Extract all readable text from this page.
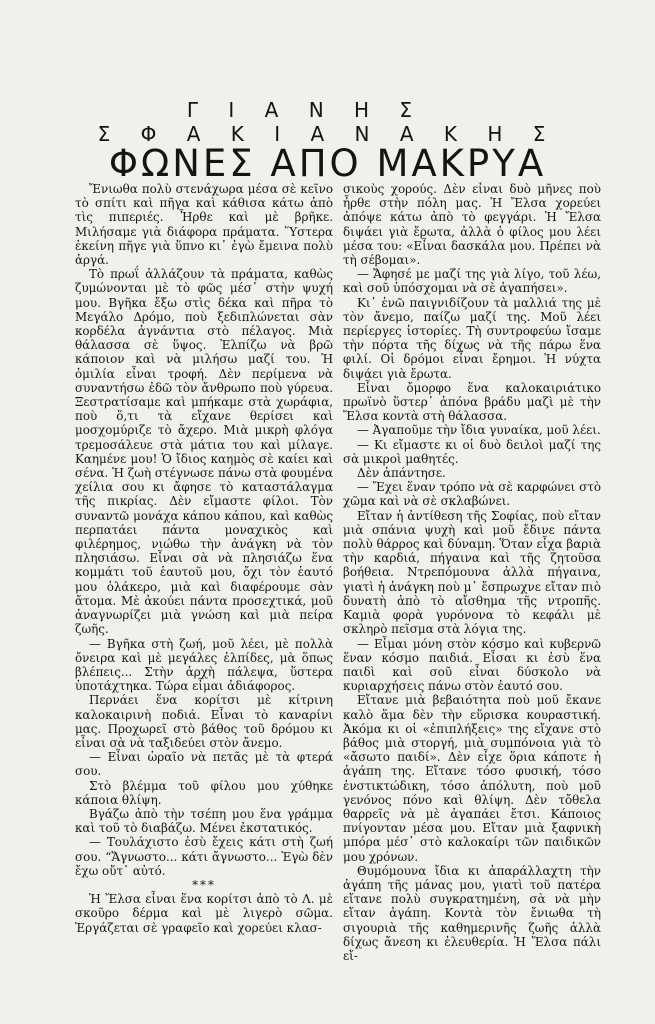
Γ Ι Α Ν Η ΣΣ Φ Α Κ Ι Α Ν Α Κ Η Σ
ΦΩΝΕΣ ΑΠΟ ΜΑΚΡΥΑ

Ἔνιωθα πολὺ στενάχωρα μέσα σὲ κεῖνο τὸ σπίτι καὶ πῆγα καὶ κάθισα κάτω ἀπὸ τὶς πιπεριές. Ἦρθε καὶ μὲ βρῆκε. Μιλήσαμε γιὰ διάφορα πράματα. Ὕστερα ἐκείνη πῆγε γιὰ ὕπνο κι᾿ ἐγὼ ἔμεινα πολὺ ἀργά.

Τὸ πρωΐ ἀλλάζουν τὰ πράματα, καθὼς ζυμώνονται μὲ τὸ φῶς μέσ᾿ στὴν ψυχή μου. Βγῆκα ἔξω στὶς δέκα καὶ πῆρα τὸ Μεγάλο Δρόμο, ποὺ ξεδιπλώνεται σὰν κορδέλα ἀγνάντια στὸ πέλαγος. Μιὰ θάλασσα σὲ ὕψος. Ἐλπίζω νὰ βρῶ κάποιον καὶ νὰ μιλήσω μαζί του. Ἡ ὁμιλία εἶναι τροφή. Δὲν περίμενα νὰ συναντήσω ἐδῶ τὸν ἄνθρωπο ποὺ γύρευα. Ξεστρατίσαμε καὶ μπήκαμε στὰ χωράφια, ποὺ ὅ,τι τὰ εἴχανε θερίσει καὶ μοσχομύριζε τὸ ἄχερο. Μιὰ μικρὴ φλόγα τρεμοσάλευε στὰ μάτια του καὶ μίλαγε. Καημένε μου! Ὁ ἴδιος καημὸς σὲ καίει καὶ σένα. Ἡ ζωὴ στέγνωσε πάνω στὰ φουμένα χείλια σου κι ἄφησε τὸ καταστάλαγμα τῆς πικρίας. Δὲν εἴμαστε φίλοι. Τὸν συναντῶ μονάχα κάπου κάπου, καὶ καθὼς περπατάει πάντα μοναχικὸς καὶ φιλέρημος, νιώθω τὴν ἀνάγκη νὰ τὸν πλησιάσω. Εἶναι σὰ νὰ πλησιάζω ἕνα κομμάτι τοῦ ἑαυτοῦ μου, ὄχι τὸν ἑαυτό μου ὁλάκερο, μιὰ καὶ διαφέρουμε σὰν ἄτομα. Μὲ ἀκούει πάντα προσεχτικά, μοῦ ἀναγνωρίζει μιὰ γνώση καὶ μιὰ πείρα ζωῆς.

— Βγῆκα στὴ ζωή, μοῦ λέει, μὲ πολλὰ ὄνειρα καὶ μὲ μεγάλες ἐλπίδες, μὰ ὅπως βλέπεις... Στὴν ἀρχὴ πάλεψα, ὕστερα ὑποτάχτηκα. Τώρα εἶμαι ἀδιάφορος.

Περνάει ἕνα κορίτσι μὲ κίτρινη καλοκαιρινὴ ποδιά. Εἶναι τὸ καναρίνι μας. Προχωρεῖ στὸ βάθος τοῦ δρόμου κι εἶναι σὰ νὰ ταξιδεύει στὸν ἄνεμο.

— Εἶναι ὡραῖο νὰ πετᾶς μὲ τὰ φτερά σου.

Στὸ βλέμμα τοῦ φίλου μου χύθηκε κάποια θλίψη.

Βγάζω ἀπὸ τὴν τσέπη μου ἕνα γράμμα καὶ τοῦ τὸ διαβάζω. Μένει ἐκστατικός.

— Τουλάχιστο ἐσὺ ἔχεις κάτι στὴ ζωή σου. “Ἄγνωστο... κάτι ἄγνωστο... Ἐγὼ δὲν ἔχω οὔτ᾿ αὐτό.

***

Ἡ Ἔλσα εἶναι ἕνα κορίτσι ἀπὸ τὸ Λ. μὲ σκοῦρο δέρμα καὶ μὲ λιγερὸ σῶμα. Ἐργάζεται σὲ γραφεῖο καὶ χορεύει κλασ-

σικοὺς χορούς. Δὲν εἶναι δυὸ μῆνες ποὺ ἦρθε στὴν πόλη μας. Ἡ Ἔλσα χορεύει ἀπόψε κάτω ἀπὸ τὸ φεγγάρι. Ἡ Ἔλσα διψάει γιὰ ἔρωτα, ἀλλὰ ὁ φίλος μου λέει μέσα του: «Εἶναι δασκάλα μου. Πρέπει νὰ τὴ σέβομαι».

— Ἄφησέ με μαζί της γιὰ λίγο, τοῦ λέω, καὶ σοῦ ὑπόσχομαι νὰ σὲ ἀγαπήσει».

Κι᾿ ἐνῶ παιγνιδίζουν τὰ μαλλιά της μὲ τὸν ἄνεμο, παίζω μαζί της. Μοῦ λέει περίεργες ἱστορίες. Τὴ συντροφεύω ἴσαμε τὴν πόρτα τῆς δίχως νὰ τῆς πάρω ἕνα φιλί. Οἱ δρόμοι εἶναι ἔρημοι. Ἡ νύχτα διψάει γιὰ ἔρωτα.

Εἶναι ὄμορφο ἕνα καλοκαιριάτικο πρωϊνὸ ὕστερ᾿ ἀπόνα βράδυ μαζὶ μὲ τὴν Ἔλσα κοντὰ στὴ θάλασσα.

— Ἀγαποῦμε τὴν ἴδια γυναίκα, μοῦ λέει.

— Κι εἴμαστε κι οἱ δυὸ δειλοὶ μαζί της σὰ μικροὶ μαθητές.

Δὲν ἀπάντησε.

— Ἔχει ἕναν τρόπο νὰ σὲ καρφώνει στὸ χῶμα καὶ νὰ σὲ σκλαβώνει.

Εἴταν ἡ ἀντίθεση τῆς Σοφίας, ποὺ εἴταν μιὰ σπάνια ψυχὴ καὶ μοῦ ἔδινε πάντα πολὺ θάρρος καὶ δύναμη. Ὅταν εἶχα βαριὰ τὴν καρδιά, πήγαινα καὶ τῆς ζητοῦσα βοήθεια. Ντρεπόμουνα ἀλλὰ πήγαινα, γιατὶ ἡ ἀνάγκη ποὺ μ᾿ ἔσπρωχνε εἴταν πιὸ δυνατὴ ἀπὸ τὸ αἴσθημα τῆς ντροπῆς. Καμιὰ φορὰ γυρόνονα τὸ κεφάλι μὲ σκληρὸ πεῖσμα στὰ λόγια της.

— Εἶμαι μόνη στὸν κόσμο καὶ κυβερνῶ ἕναν κόσμο παιδιά. Εἶσαι κι ἐσὺ ἕνα παιδὶ καὶ σοῦ εἶναι δύσκολο νὰ κυριαρχήσεις πάνω στὸν ἑαυτό σου.

Εἴτανε μιὰ βεβαιότητα ποὺ μοῦ ἔκανε καλὸ ἅμα δὲν τὴν εὕρισκα κουραστική. Ἀκόμα κι οἱ «ἐπιπλήξεις» της εἴχανε στὸ βάθος μιὰ στοργή, μιὰ συμπόνοια γιὰ τὸ «ἄσωτο παιδί». Δὲν εἶχε ὅρια κάποτε ἡ ἀγάπη της. Εἴτανε τόσο φυσική, τόσο ἐνστικτώδικη, τόσο ἀπόλυτη, ποὺ μοῦ γενόνος πόνο καὶ θλίψη. Δὲν τὄθελα θαρρεῖς νὰ μὲ ἀγαπάει ἔτσι. Κάποιος πνίγονταν μέσα μου. Εἴταν μιὰ ξαφνικὴ μπόρα μέσ᾿ στὸ καλοκαίρι τῶν παιδικῶν μου χρόνων.

Θυμόμουνα ἴδια κι ἀπαράλλαχτη τὴν ἀγάπη τῆς μάνας μου, γιατὶ τοῦ πατέρα εἴτανε πολὺ συγκρατημένη, σὰ νὰ μὴν εἴταν ἀγάπη. Κοντὰ τὸν ἔνιωθα τὴ σιγουριὰ τῆς καθημερινῆς ζωῆς ἀλλὰ δίχως ἄνεση κι ἐλευθερία. Ἡ Ἔλσα πάλι εἴ-
